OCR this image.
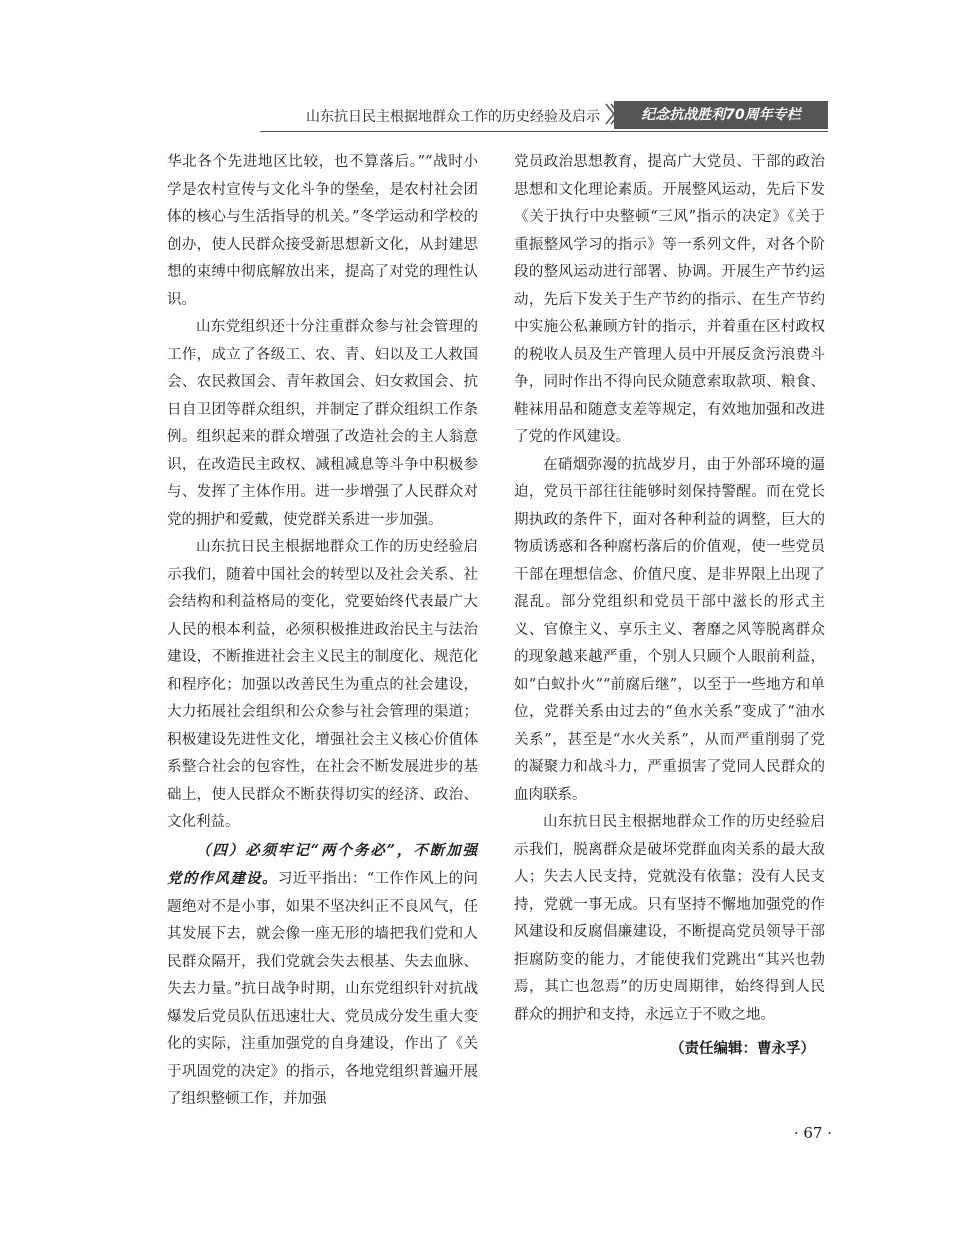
山东抗日民主根据地群众工作的历史经验及启示	纪念抗战胜利70周年专栏

华北各个先进地区比较，也不算落后。”“战时小学是农村宣传与文化斗争的堡垒，是农村社会团体的核心与生活指导的机关。”冬学运动和学校的创办，使人民群众接受新思想新文化，从封建思想的束缚中彻底解放出来，提高了对党的理性认识。

山东党组织还十分注重群众参与社会管理的工作，成立了各级工、农、青、妇以及工人救国会、农民救国会、青年救国会、妇女救国会、抗日自卫团等群众组织，并制定了群众组织工作条例。组织起来的群众增强了改造社会的主人翁意识，在改造民主政权、减租减息等斗争中积极参与、发挥了主体作用。进一步增强了人民群众对党的拥护和爱戴，使党群关系进一步加强。

山东抗日民主根据地群众工作的历史经验启示我们，随着中国社会的转型以及社会关系、社会结构和利益格局的变化，党要始终代表最广大人民的根本利益，必须积极推进政治民主与法治建设，不断推进社会主义民主的制度化、规范化和程序化；加强以改善民生为重点的社会建设，大力拓展社会组织和公众参与社会管理的渠道；积极建设先进性文化，增强社会主义核心价值体系整合社会的包容性，在社会不断发展进步的基础上，使人民群众不断获得切实的经济、政治、文化利益。

（四）必须牢记“两个务必”，不断加强党的作风建设。习近平指出：“工作作风上的问题绝对不是小事，如果不坚决纠正不良风气，任其发展下去，就会像一座无形的墙把我们党和人民群众隔开，我们党就会失去根基、失去血脉、失去力量。”抗日战争时期，山东党组织针对抗战爆发后党员队伍迅速壮大、党员成分发生重大变化的实际，注重加强党的自身建设，作出了《关于巩固党的决定》的指示，各地党组织普遍开展了组织整顿工作，并加强

党员政治思想教育，提高广大党员、干部的政治思想和文化理论素质。开展整风运动，先后下发《关于执行中央整顿“三风”指示的决定》《关于重振整风学习的指示》等一系列文件，对各个阶段的整风运动进行部署、协调。开展生产节约运动，先后下发关于生产节约的指示、在生产节约中实施公私兼顾方针的指示，并着重在区村政权的税收人员及生产管理人员中开展反贪污浪费斗争，同时作出不得向民众随意索取款项、粮食、鞋袜用品和随意支差等规定，有效地加强和改进了党的作风建设。

在硝烟弥漫的抗战岁月，由于外部环境的逼迫，党员干部往往能够时刻保持警醒。而在党长期执政的条件下，面对各种利益的调整，巨大的物质诱惑和各种腐朽落后的价值观，使一些党员干部在理想信念、价值尺度、是非界限上出现了混乱。部分党组织和党员干部中滋长的形式主义、官僚主义、享乐主义、奢靡之风等脱离群众的现象越来越严重，个别人只顾个人眼前利益，如“白蚁扑火”“前腐后继”，以至于一些地方和单位，党群关系由过去的“鱼水关系”变成了“油水关系”，甚至是“水火关系”，从而严重削弱了党的凝聚力和战斗力，严重损害了党同人民群众的血肉联系。

山东抗日民主根据地群众工作的历史经验启示我们，脱离群众是破坏党群血肉关系的最大敌人；失去人民支持，党就没有依靠；没有人民支持，党就一事无成。只有坚持不懈地加强党的作风建设和反腐倡廉建设，不断提高党员领导干部拒腐防变的能力，才能使我们党跳出“其兴也勃焉，其亡也忽焉”的历史周期律，始终得到人民群众的拥护和支持，永远立于不败之地。

（责任编辑：曹永孚）

· 67 ·
